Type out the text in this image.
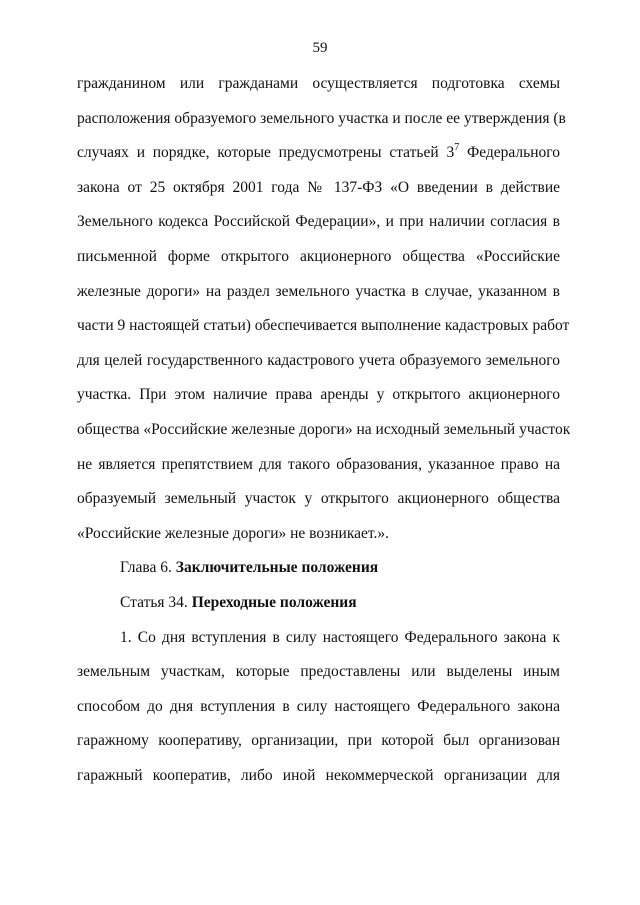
59
гражданином или гражданами осуществляется подготовка схемы
расположения образуемого земельного участка и после ее утверждения (в
случаях и порядке, которые предусмотрены статьей $3^7$ Федерального
закона от 25 октября 2001 года № 137-ФЗ «О введении в действие
Земельного кодекса Российской Федерации», и при наличии согласия в
письменной форме открытого акционерного общества «Российские
железные дороги» на раздел земельного участка в случае, указанном в
части 9 настоящей статьи) обеспечивается выполнение кадастровых работ
для целей государственного кадастрового учета образуемого земельного
участка. При этом наличие права аренды у открытого акционерного
общества «Российские железные дороги» на исходный земельный участок
не является препятствием для такого образования, указанное право на
образуемый земельный участок у открытого акционерного общества
«Российские железные дороги» не возникает.».
Глава 6. Заключительные положения
Статья 34. Переходные положения
1. Со дня вступления в силу настоящего Федерального закона к
земельным участкам, которые предоставлены или выделены иным
способом до дня вступления в силу настоящего Федерального закона
гаражному кооперативу, организации, при которой был организован
гаражный кооператив, либо иной некоммерческой организации для
